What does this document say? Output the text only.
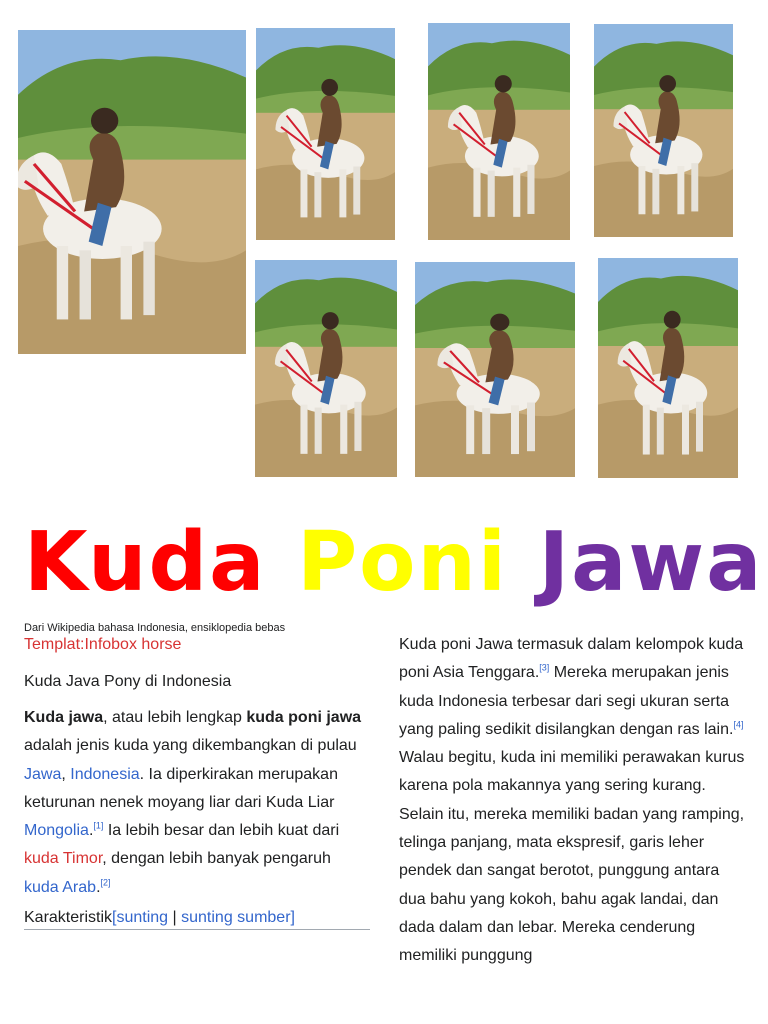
Kuda Poni Jawa

Dari Wikipedia bahasa Indonesia, ensiklopedia bebas

Templat:Infobox horse

Kuda Java Pony di Indonesia

Kuda jawa, atau lebih lengkap kuda poni jawa adalah jenis kuda yang dikembangkan di pulau Jawa, Indonesia. Ia diperkirakan merupakan keturunan nenek moyang liar dari Kuda Liar Mongolia.[1] Ia lebih besar dan lebih kuat dari kuda Timor, dengan lebih banyak pengaruh kuda Arab.[2]

Karakteristik[sunting | sunting sumber]

Kuda poni Jawa termasuk dalam kelompok kuda poni Asia Tenggara.[3] Mereka merupakan jenis kuda Indonesia terbesar dari segi ukuran serta yang paling sedikit disilangkan dengan ras lain.[4] Walau begitu, kuda ini memiliki perawakan kurus karena pola makannya yang sering kurang. Selain itu, mereka memiliki badan yang ramping, telinga panjang, mata ekspresif, garis leher pendek dan sangat berotot, punggung antara dua bahu yang kokoh, bahu agak landai, dan dada dalam dan lebar. Mereka cenderung memiliki punggung
